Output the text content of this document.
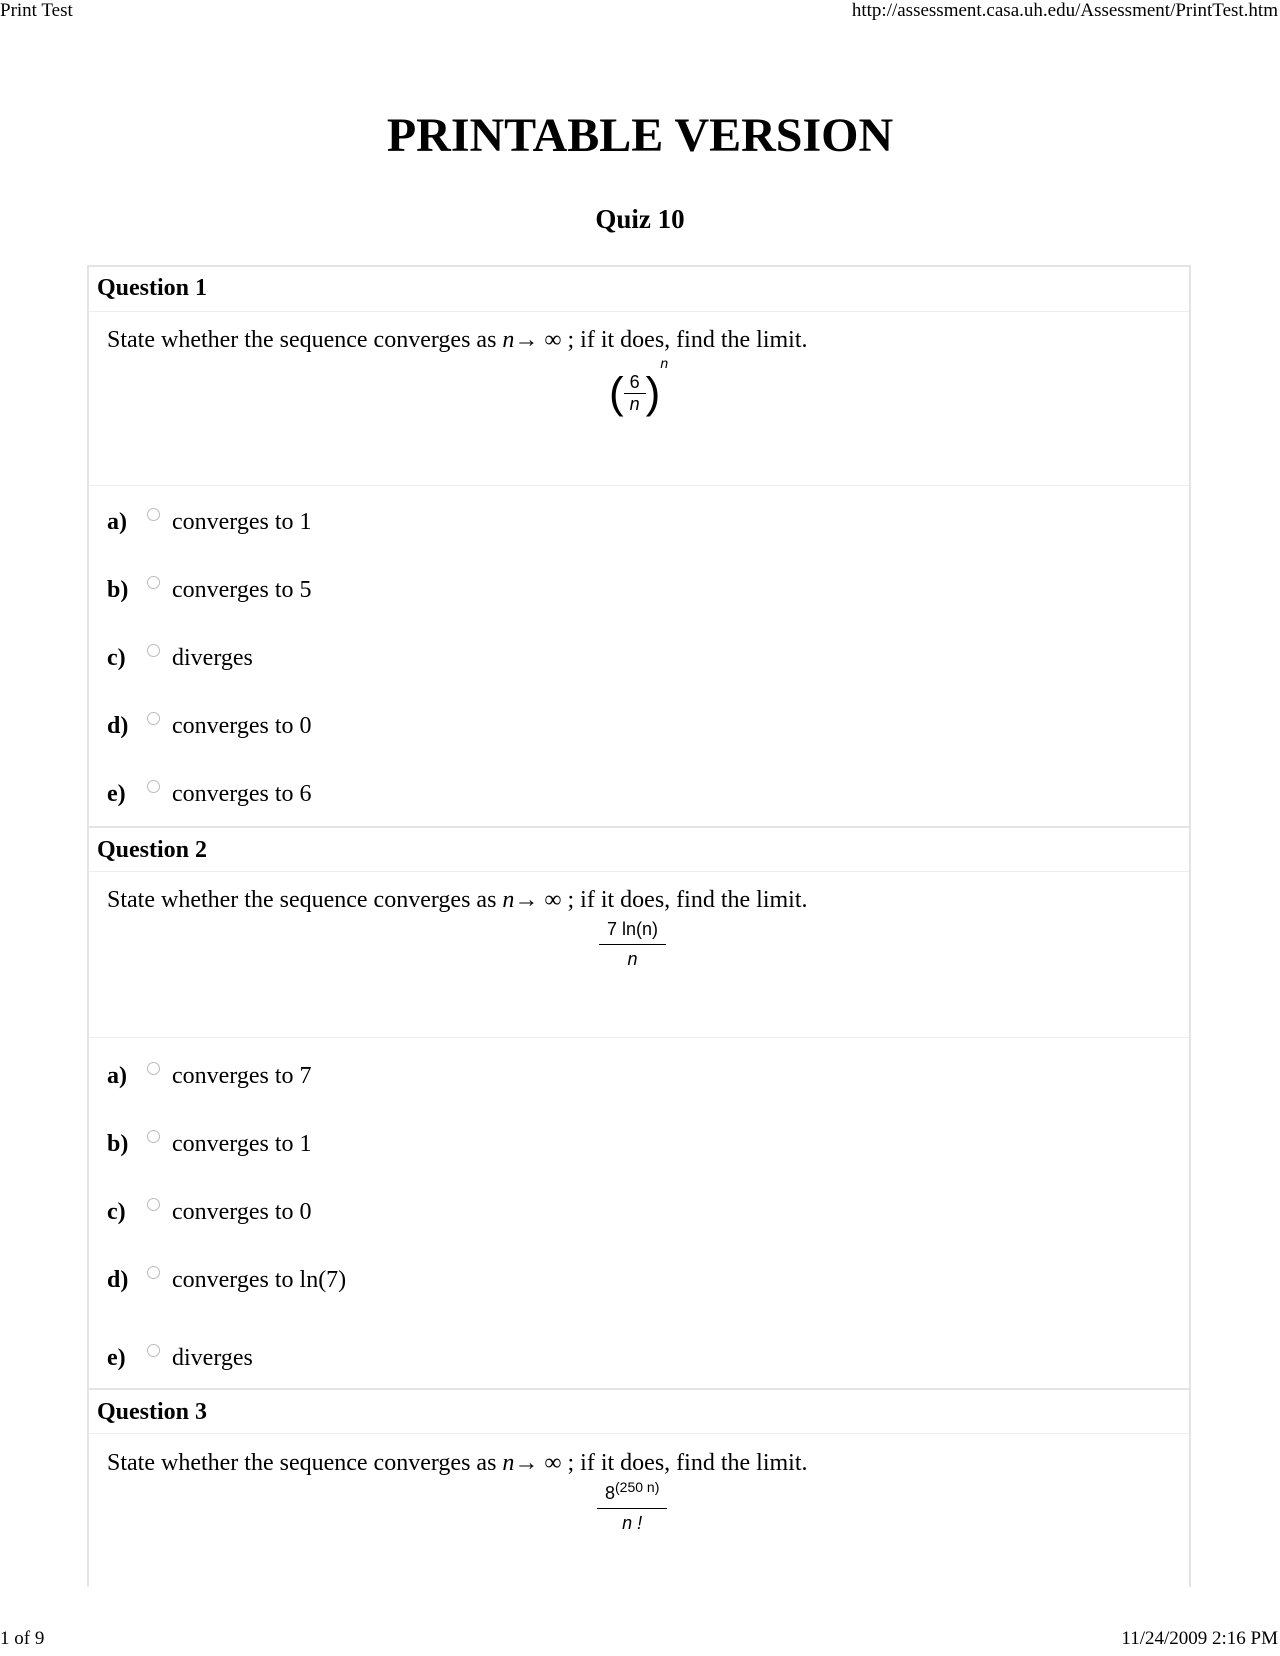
Print Test	http://assessment.casa.uh.edu/Assessment/PrintTest.htm
PRINTABLE VERSION
Quiz 10
Question 1
State whether the sequence converges as n→ ∞ ; if it does, find the limit.
( $\frac{6}{n} )^n$
a)	converges to 1
b)	converges to 5
c)	diverges
d)	converges to 0
e)	converges to 6
Question 2
State whether the sequence converges as n→ ∞ ; if it does, find the limit.
$\frac{7 \ln(n)}{n}$
a)	converges to 7
b)	converges to 1
c)	converges to 0
d)	converges to ln(7)
e)	diverges
Question 3
State whether the sequence converges as n→ ∞ ; if it does, find the limit.
$\frac{8^{(250 n)}}{n !}$
1 of 9	11/24/2009 2:16 PM
